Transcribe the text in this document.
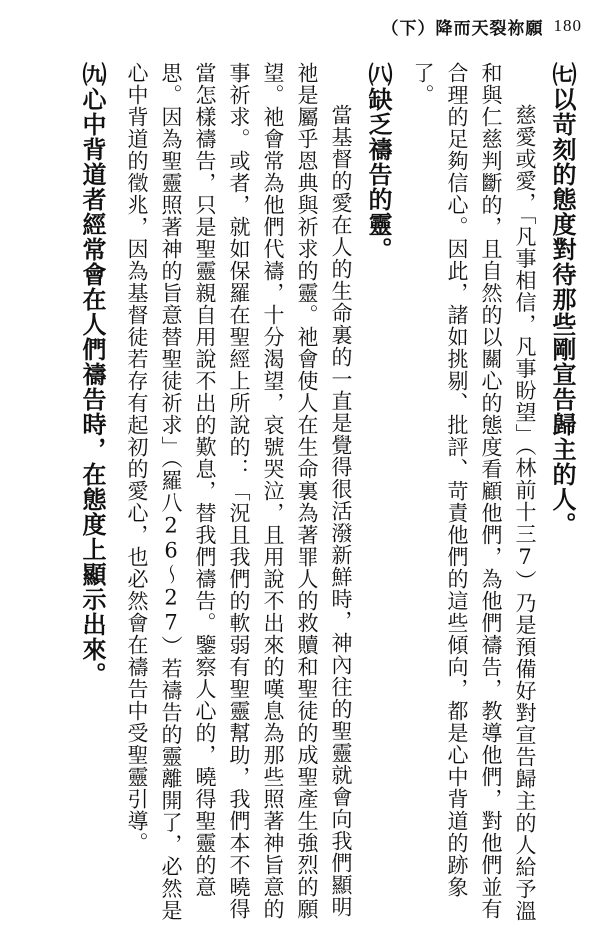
（下）降而天裂祢願 180

㈦以苛刻的態度對待那些剛宣告歸主的人。

慈愛或愛，「凡事相信，凡事盼望」（林前十三7）乃是預備好對宣告歸主的人給予溫和與仁慈判斷的，且自然的以關心的態度看顧他們，為他們禱告，教導他們，對他們並有合理的足夠信心。因此，諸如挑剔、批評、苛責他們的這些傾向，都是心中背道的跡象了。

㈧缺乏禱告的靈。

當基督的愛在人的生命裏的一直是覺得很活潑新鮮時，神內往的聖靈就會向我們顯明祂是屬乎恩典與祈求的靈。祂會使人在生命裏為著罪人的救贖和聖徒的成聖產生強烈的願望。祂會常為他們代禱，十分渴望，哀號哭泣，且用說不出來的嘆息為那些照著神旨意的事祈求。或者，就如保羅在聖經上所說的：「況且我們的軟弱有聖靈幫助，我們本不曉得當怎樣禱告，只是聖靈親自用說不出的歎息，替我們禱告。鑒察人心的，曉得聖靈的意思。因為聖靈照著神的旨意替聖徒祈求」（羅八26～27）若禱告的靈離開了，必然是心中背道的徵兆，因為基督徒若存有起初的愛心，也必然會在禱告中受聖靈引導。

㈨心中背道者經常會在人們禱告時，在態度上顯示出來。
